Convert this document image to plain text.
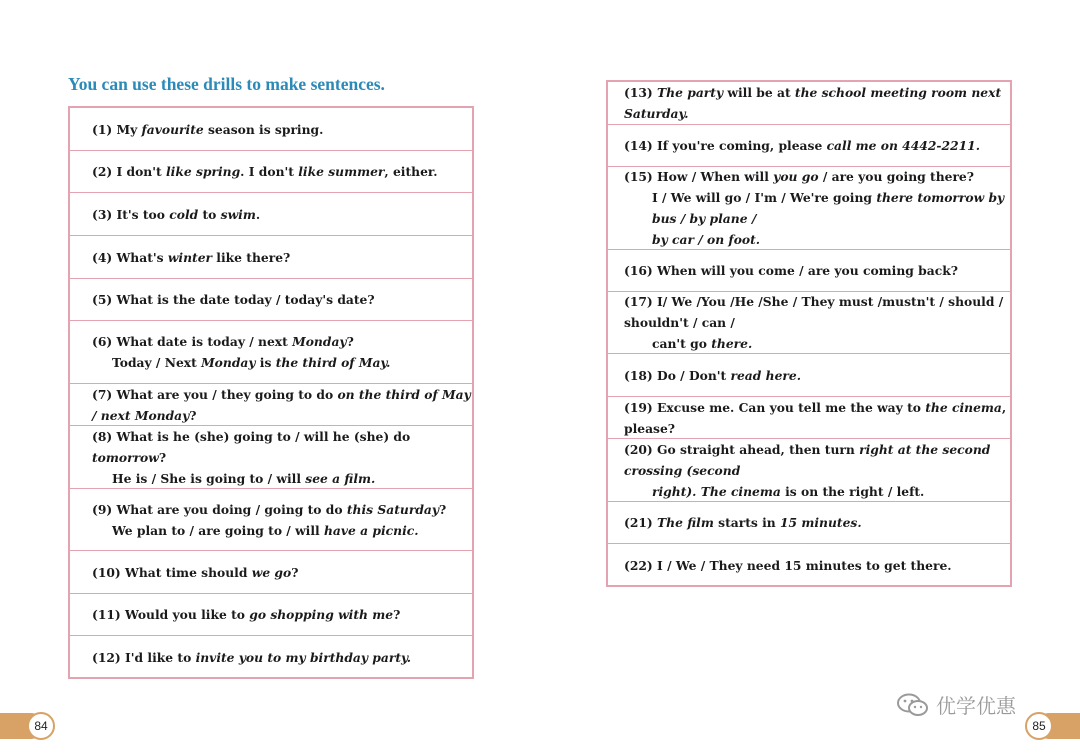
You can use these drills to make sentences.
(1) My favourite season is spring.
(2) I don't like spring. I don't like summer, either.
(3) It's too cold to swim.
(4) What's winter like there?
(5) What is the date today / today's date?
(6) What date is today / next Monday?
Today / Next Monday is the third of May.
(7) What are you / they going to do on the third of May / next Monday?
(8) What is he (she) going to / will he (she) do tomorrow?
He is / She is going to / will see a film.
(9) What are you doing / going to do this Saturday?
We plan to / are going to / will have a picnic.
(10) What time should we go?
(11) Would you like to go shopping with me?
(12) I'd like to invite you to my birthday party.
(13) The party will be at the school meeting room next Saturday.
(14) If you're coming, please call me on 4442-2211.
(15) How / When will you go / are you going there?
I / We will go / I'm / We're going there tomorrow by bus / by plane /
by car / on foot.
(16) When will you come / are you coming back?
(17) I/ We /You /He /She / They must /mustn't / should / shouldn't / can /
can't go there.
(18) Do / Don't read here.
(19) Excuse me. Can you tell me the way to the cinema, please?
(20) Go straight ahead, then turn right at the second crossing (second
right). The cinema is on the right / left.
(21) The film starts in 15 minutes.
(22) I / We / They need 15 minutes to get there.
84	85
优学优惠
